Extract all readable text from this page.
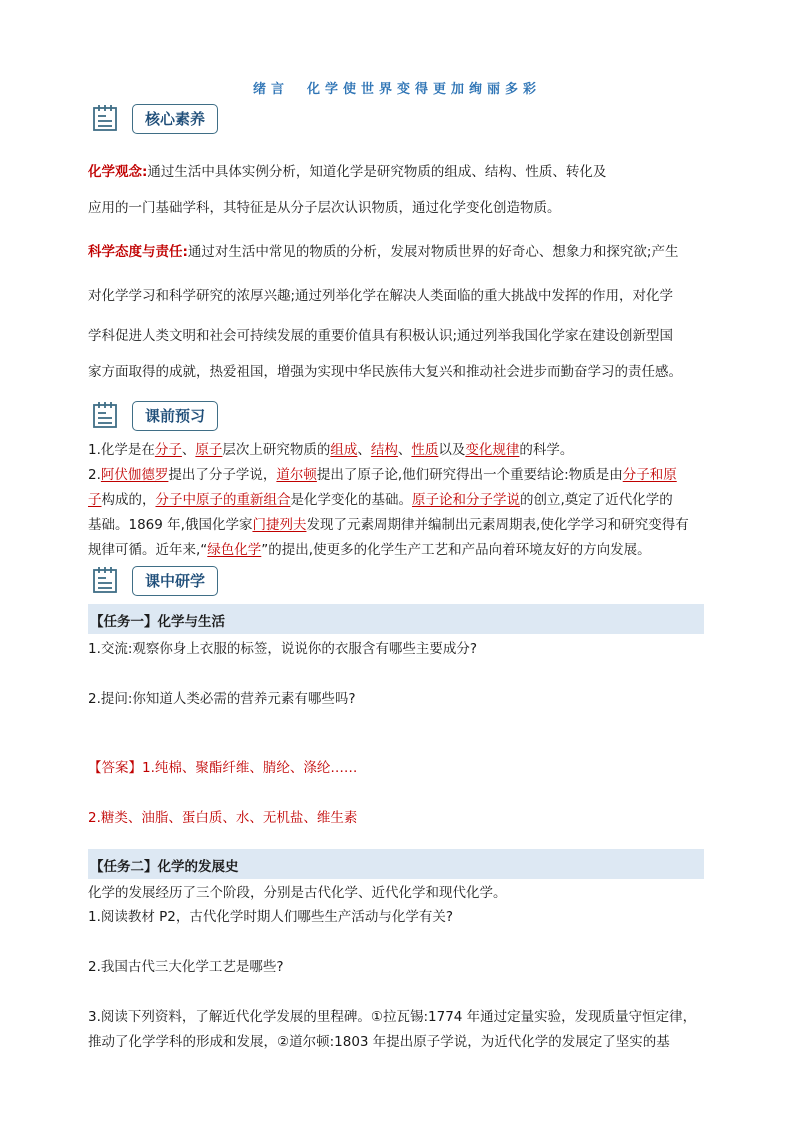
绪言　化学使世界变得更加绚丽多彩
核心素养
化学观念:通过生活中具体实例分析，知道化学是研究物质的组成、结构、性质、转化及
应用的一门基础学科，其特征是从分子层次认识物质，通过化学变化创造物质。
科学态度与责任:通过对生活中常见的物质的分析，发展对物质世界的好奇心、想象力和探究欲;产生
对化学学习和科学研究的浓厚兴趣;通过列举化学在解决人类面临的重大挑战中发挥的作用，对化学
学科促进人类文明和社会可持续发展的重要价值具有积极认识;通过列举我国化学家在建设创新型国
家方面取得的成就，热爱祖国，增强为实现中华民族伟大复兴和推动社会进步而勤奋学习的责任感。
课前预习
1.化学是在分子、原子层次上研究物质的组成、结构、性质以及变化规律的科学。
2.阿伏伽德罗提出了分子学说，道尔顿提出了原子论,他们研究得出一个重要结论:物质是由分子和原
子构成的，分子中原子的重新组合是化学变化的基础。原子论和分子学说的创立,奠定了近代化学的
基础。1869 年,俄国化学家门捷列夫发现了元素周期律并编制出元素周期表,使化学学习和研究变得有
规律可循。近年来,“绿色化学”的提出,使更多的化学生产工艺和产品向着环境友好的方向发展。
课中研学
【任务一】化学与生活
1.交流:观察你身上衣服的标签，说说你的衣服含有哪些主要成分?
2.提问:你知道人类必需的营养元素有哪些吗?
【答案】1.纯棉、聚酯纤维、腈纶、涤纶……
2.糖类、油脂、蛋白质、水、无机盐、维生素
【任务二】化学的发展史
化学的发展经历了三个阶段，分别是古代化学、近代化学和现代化学。
1.阅读教材 P2，古代化学时期人们哪些生产活动与化学有关?
2.我国古代三大化学工艺是哪些?
3.阅读下列资料，了解近代化学发展的里程碑。①拉瓦锡:1774 年通过定量实验，发现质量守恒定律，
推动了化学学科的形成和发展，②道尔顿:1803 年提出原子学说，为近代化学的发展定了坚实的基
